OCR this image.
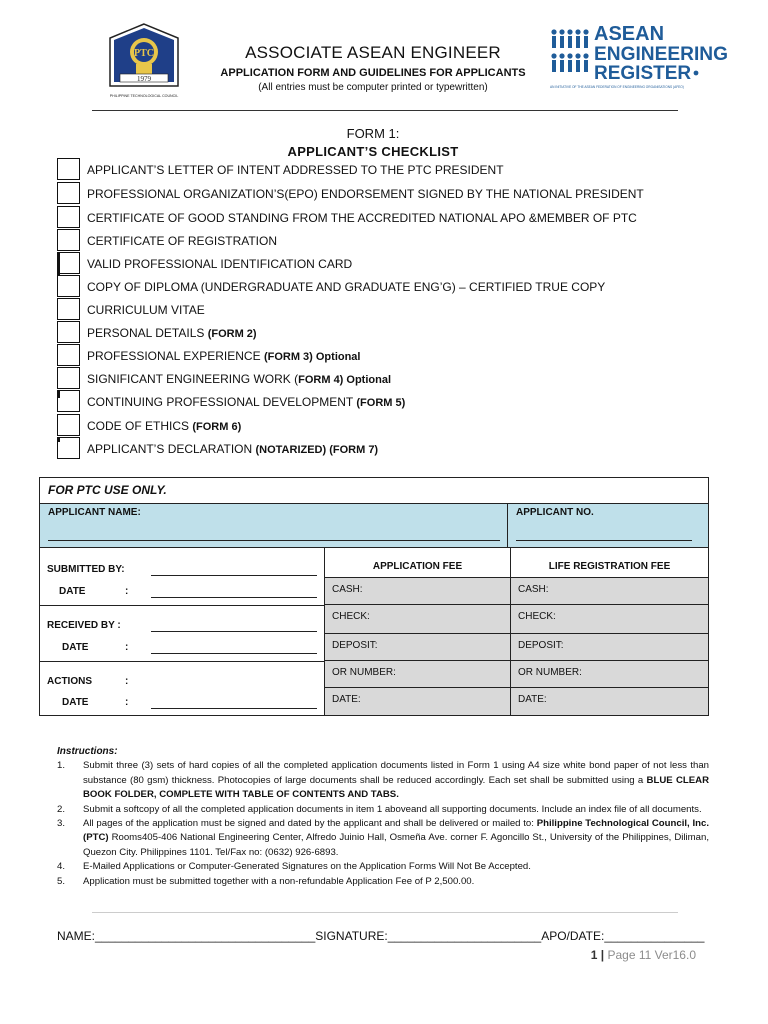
PTC
1979
PHILIPPINE TECHNOLOGICAL COUNCIL
ASSOCIATE ASEAN ENGINEER
APPLICATION FORM AND GUIDELINES FOR APPLICANTS
(All entries must be computer printed or typewritten)
ASEAN
ENGINEERING
REGISTER
AN INITIATIVE OF THE ASEAN FEDERATION OF ENGINEERING ORGANISATIONS (AFEO)
FORM 1:
APPLICANT’S CHECKLIST
APPLICANT’S LETTER OF INTENT ADDRESSED TO THE PTC PRESIDENT
PROFESSIONAL ORGANIZATION’S(EPO) ENDORSEMENT SIGNED BY THE NATIONAL PRESIDENT
CERTIFICATE OF GOOD STANDING FROM THE ACCREDITED NATIONAL APO &MEMBER OF PTC
CERTIFICATE OF REGISTRATION
VALID PROFESSIONAL IDENTIFICATION CARD
COPY OF DIPLOMA (UNDERGRADUATE AND GRADUATE ENG’G) – CERTIFIED TRUE COPY
CURRICULUM VITAE
PERSONAL DETAILS (FORM 2)
PROFESSIONAL EXPERIENCE (FORM 3) Optional
SIGNIFICANT ENGINEERING WORK (FORM 4) Optional
CONTINUING PROFESSIONAL DEVELOPMENT (FORM 5)
CODE OF ETHICS (FORM 6)
APPLICANT’S DECLARATION (NOTARIZED) (FORM 7)
FOR PTC USE ONLY.
APPLICANT NAME:	APPLICANT NO.
SUBMITTED BY:
DATE	:
RECEIVED BY :
DATE	:
ACTIONS	:
DATE	:
APPLICATION FEE	LIFE REGISTRATION FEE
CASH:	CASH:
CHECK:	CHECK:
DEPOSIT:	DEPOSIT:
OR NUMBER:	OR NUMBER:
DATE:	DATE:
Instructions:
1. Submit three (3) sets of hard copies of all the completed application documents listed in Form 1 using A4 size white bond paper of not less than substance (80 gsm) thickness. Photocopies of large documents shall be reduced accordingly. Each set shall be submitted using a BLUE CLEAR BOOK FOLDER, COMPLETE WITH TABLE OF CONTENTS AND TABS.
2. Submit a softcopy of all the completed application documents in item 1 aboveand all supporting documents. Include an index file of all documents.
3. All pages of the application must be signed and dated by the applicant and shall be delivered or mailed to: Philippine Technological Council, Inc. (PTC) Rooms405-406 National Engineering Center, Alfredo Juinio Hall, Osmeña Ave. corner F. Agoncillo St., University of the Philippines, Diliman, Quezon City. Philippines 1101. Tel/Fax no: (0632) 926-6893.
4. E-Mailed Applications or Computer-Generated Signatures on the Application Forms Will Not Be Accepted.
5. Application must be submitted together with a non-refundable Application Fee of P 2,500.00.
NAME:_________________________________SIGNATURE:_______________________APO/DATE:_______________
1 | Page 11 Ver16.0
